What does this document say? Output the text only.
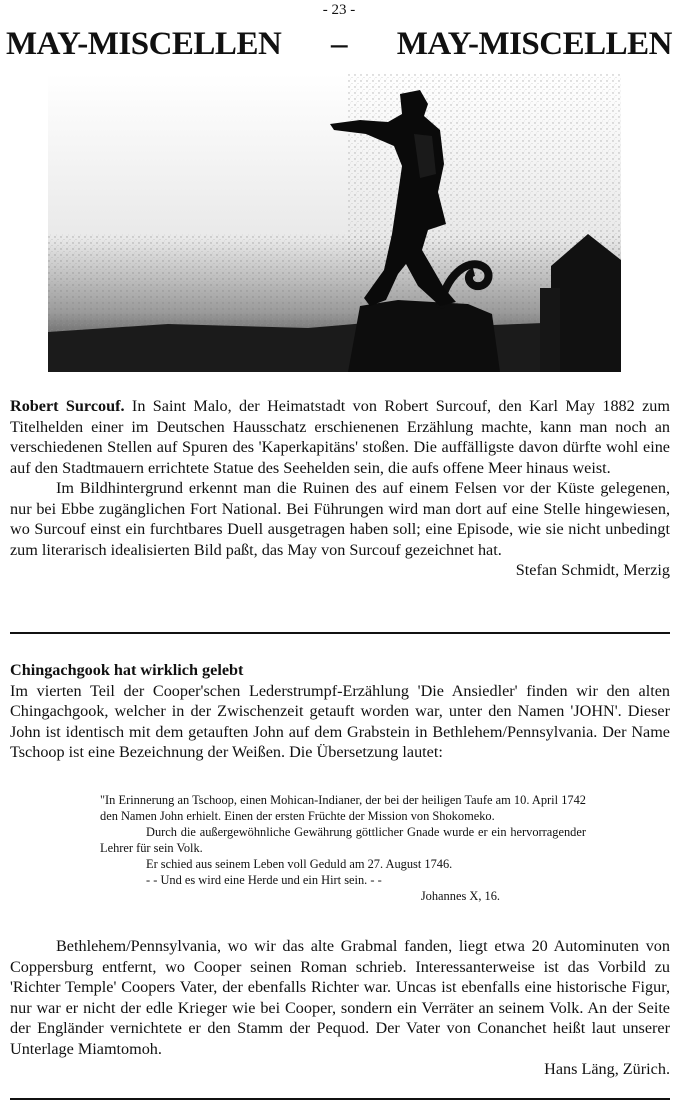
- 23 -
MAY-MISCELLEN – MAY-MISCELLEN

Robert Surcouf. In Saint Malo, der Heimatstadt von Robert Surcouf, den Karl May 1882 zum Titelhelden einer im Deutschen Hausschatz erschienenen Erzählung machte, kann man noch an verschiedenen Stellen auf Spuren des 'Kaperkapitäns' stoßen. Die auffälligste davon dürfte wohl eine auf den Stadtmauern errichtete Statue des Seehelden sein, die aufs offene Meer hinaus weist.

Im Bildhintergrund erkennt man die Ruinen des auf einem Felsen vor der Küste gelegenen, nur bei Ebbe zugänglichen Fort National. Bei Führungen wird man dort auf eine Stelle hingewiesen, wo Surcouf einst ein furchtbares Duell ausgetragen haben soll; eine Episode, wie sie nicht unbedingt zum literarisch idealisierten Bild paßt, das May von Surcouf gezeichnet hat.

Stefan Schmidt, Merzig

Chingachgook hat wirklich gelebt

Im vierten Teil der Cooper'schen Lederstrumpf-Erzählung 'Die Ansiedler' finden wir den alten Chingachgook, welcher in der Zwischenzeit getauft worden war, unter den Namen 'JOHN'. Dieser John ist identisch mit dem getauften John auf dem Grabstein in Bethlehem/Pennsylvania. Der Name Tschoop ist eine Bezeichnung der Weißen. Die Übersetzung lautet:

"In Erinnerung an Tschoop, einen Mohican-Indianer, der bei der heiligen Taufe am 10. April 1742 den Namen John erhielt. Einen der ersten Früchte der Mission von Shokomeko.

Durch die außergewöhnliche Gewährung göttlicher Gnade wurde er ein hervorragender Lehrer für sein Volk.

Er schied aus seinem Leben voll Geduld am 27. August 1746.

- - Und es wird eine Herde und ein Hirt sein. - -

Johannes X, 16.

Bethlehem/Pennsylvania, wo wir das alte Grabmal fanden, liegt etwa 20 Autominuten von Coppersburg entfernt, wo Cooper seinen Roman schrieb. Interessanterweise ist das Vorbild zu 'Richter Temple' Coopers Vater, der ebenfalls Richter war. Uncas ist ebenfalls eine historische Figur, nur war er nicht der edle Krieger wie bei Cooper, sondern ein Verräter an seinem Volk. An der Seite der Engländer vernichtete er den Stamm der Pequod. Der Vater von Conanchet heißt laut unserer Unterlage Miamtomoh.

Hans Läng, Zürich.
